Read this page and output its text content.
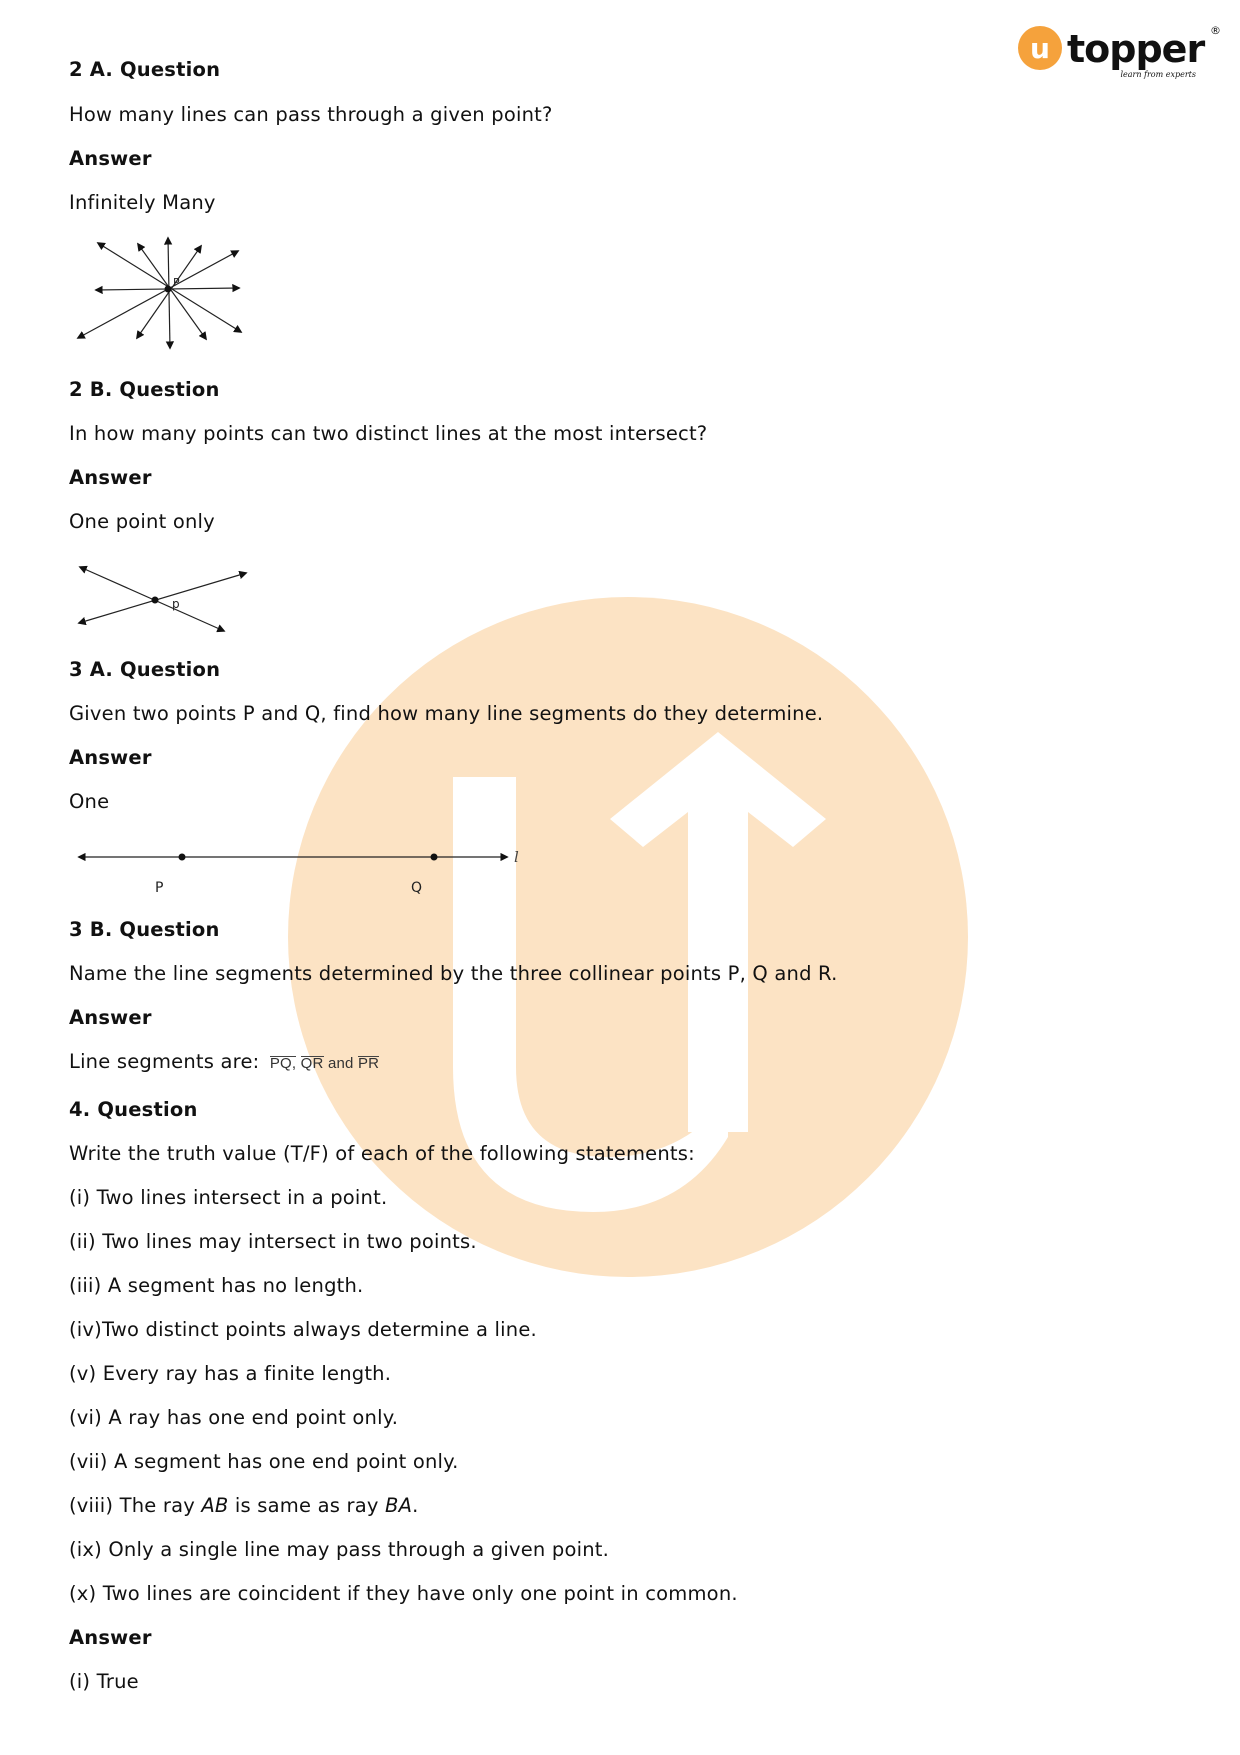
u topper ®
learn from experts
2 A. Question
How many lines can pass through a given point?
Answer
Infinitely Many
P
2 B. Question
In how many points can two distinct lines at the most intersect?
Answer
One point only
p
3 A. Question
Given two points P and Q, find how many line segments do they determine.
Answer
One
l
P	Q
3 B. Question
Name the line segments determined by the three collinear points P, Q and R.
Answer
Line segments are: PQ, QR and PR
4. Question
Write the truth value (T/F) of each of the following statements:
(i) Two lines intersect in a point.
(ii) Two lines may intersect in two points.
(iii) A segment has no length.
(iv)Two distinct points always determine a line.
(v) Every ray has a finite length.
(vi) A ray has one end point only.
(vii) A segment has one end point only.
(viii) The ray AB is same as ray BA.
(ix) Only a single line may pass through a given point.
(x) Two lines are coincident if they have only one point in common.
Answer
(i) True
